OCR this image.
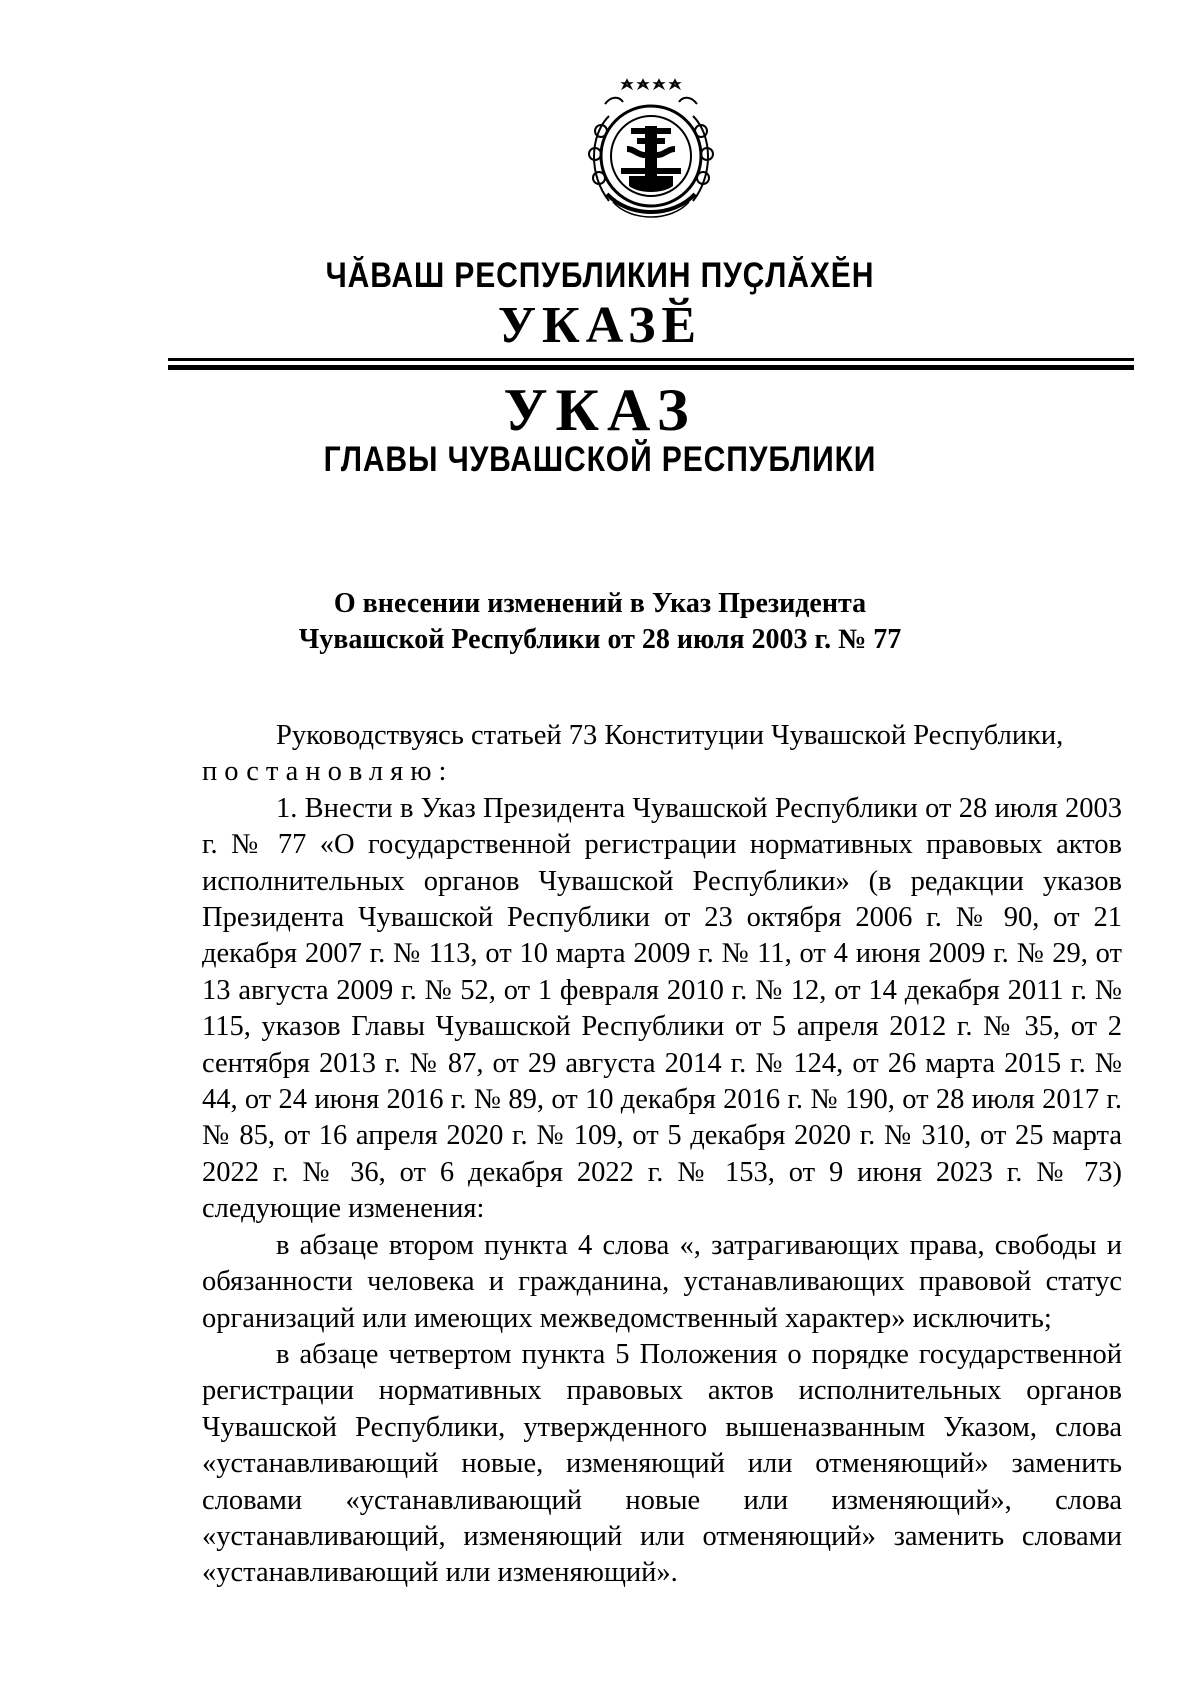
ЧӐВАШ РЕСПУБЛИКИН ПУҪЛӐХӖН
УКАЗӖ
УКАЗ
ГЛАВЫ ЧУВАШСКОЙ РЕСПУБЛИКИ
О внесении изменений в Указ Президента
Чувашской Республики от 28 июля 2003 г. № 77

Руководствуясь статьей 73 Конституции Чувашской Республики,

постановляю:

1. Внести в Указ Президента Чувашской Республики от 28 июля 2003 г. № 77 «О государственной регистрации нормативных правовых актов исполнительных органов Чувашской Республики» (в редакции указов Президента Чувашской Республики от 23 октября 2006 г. № 90, от 21 декабря 2007 г. № 113, от 10 марта 2009 г. № 11, от 4 июня 2009 г. № 29, от 13 августа 2009 г. № 52, от 1 февраля 2010 г. № 12, от 14 декабря 2011 г. № 115, указов Главы Чувашской Республики от 5 апреля 2012 г. № 35, от 2 сентября 2013 г. № 87, от 29 августа 2014 г. № 124, от 26 марта 2015 г. № 44, от 24 июня 2016 г. № 89, от 10 декабря 2016 г. № 190, от 28 июля 2017 г. № 85, от 16 апреля 2020 г. № 109, от 5 декабря 2020 г. № 310, от 25 марта 2022 г. № 36, от 6 декабря 2022 г. № 153, от 9 июня 2023 г. № 73) следующие изменения:

в абзаце втором пункта 4 слова «, затрагивающих права, свободы и обязанности человека и гражданина, устанавливающих правовой статус организаций или имеющих межведомственный характер» исключить;

в абзаце четвертом пункта 5 Положения о порядке государственной регистрации нормативных правовых актов исполнительных органов Чувашской Республики, утвержденного вышеназванным Указом, слова «устанавливающий новые, изменяющий или отменяющий» заменить словами «устанавливающий новые или изменяющий», слова «устанавливающий, изменяющий или отменяющий» заменить словами «устанавливающий или изменяющий».
